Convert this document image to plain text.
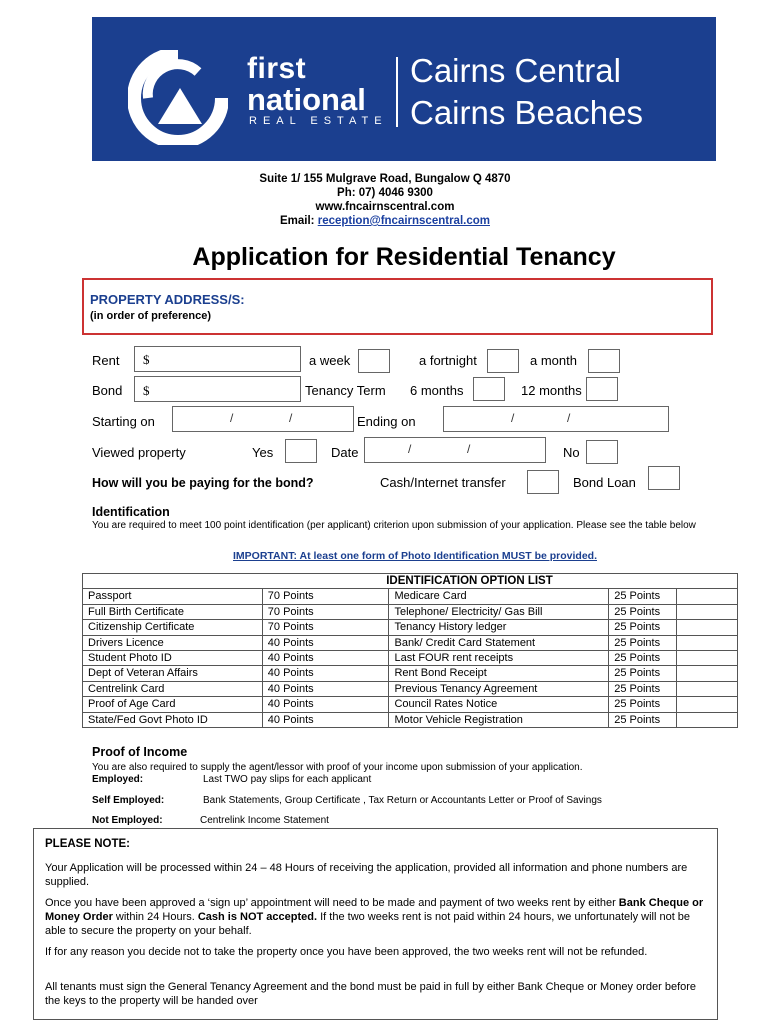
first
national
REAL ESTATE
Cairns Central
Cairns Beaches
Suite 1/ 155 Mulgrave Road, Bungalow Q 4870
Ph: 07) 4046 9300
www.fncairnscentral.com
Email: reception@fncairnscentral.com
Application for Residential Tenancy
PROPERTY ADDRESS/S:
(in order of preference)
Rent $	a week	a fortnight	a month
Bond $	Tenancy Term 6 months	12 months
Starting on	/	/	Ending on	/	/
Viewed property	Yes	Date	/	/	No
How will you be paying for the bond?	Cash/Internet transfer	Bond Loan
Identification
You are required to meet 100 point identification (per applicant) criterion upon submission of your application. Please see the table below
IMPORTANT: At least one form of Photo Identification MUST be provided.
	IDENTIFICATION OPTION LIST			
Passport	70 Points	Medicare Card	25 Points	
Full Birth Certificate	70 Points	Telephone/ Electricity/ Gas Bill	25 Points	
Citizenship Certificate	70 Points	Tenancy History ledger	25 Points	
Drivers Licence	40 Points	Bank/ Credit Card Statement	25 Points	
Student Photo ID	40 Points	Last FOUR rent receipts	25 Points	
Dept of Veteran Affairs	40 Points	Rent Bond Receipt	25 Points	
Centrelink Card	40 Points	Previous Tenancy Agreement	25 Points	
Proof of Age Card	40 Points	Council Rates Notice	25 Points	
State/Fed Govt Photo ID	40 Points	Motor Vehicle Registration	25 Points	
Proof of Income
You are also required to supply the agent/lessor with proof of your income upon submission of your application.
Employed:	Last TWO pay slips for each applicant
Self Employed:	Bank Statements, Group Certificate , Tax Return or Accountants Letter or Proof of Savings
Not Employed:	Centrelink Income Statement
PLEASE NOTE:
Your Application will be processed within 24 – 48 Hours of receiving the application, provided all information and phone numbers are supplied.
Once you have been approved a ‘sign up’ appointment will need to be made and payment of two weeks rent by either Bank Cheque or Money Order within 24 Hours. Cash is NOT accepted. If the two weeks rent is not paid within 24 hours, we unfortunately will not be able to secure the property on your behalf.
If for any reason you decide not to take the property once you have been approved, the two weeks rent will not be refunded.
All tenants must sign the General Tenancy Agreement and the bond must be paid in full by either Bank Cheque or Money order before the keys to the property will be handed over
